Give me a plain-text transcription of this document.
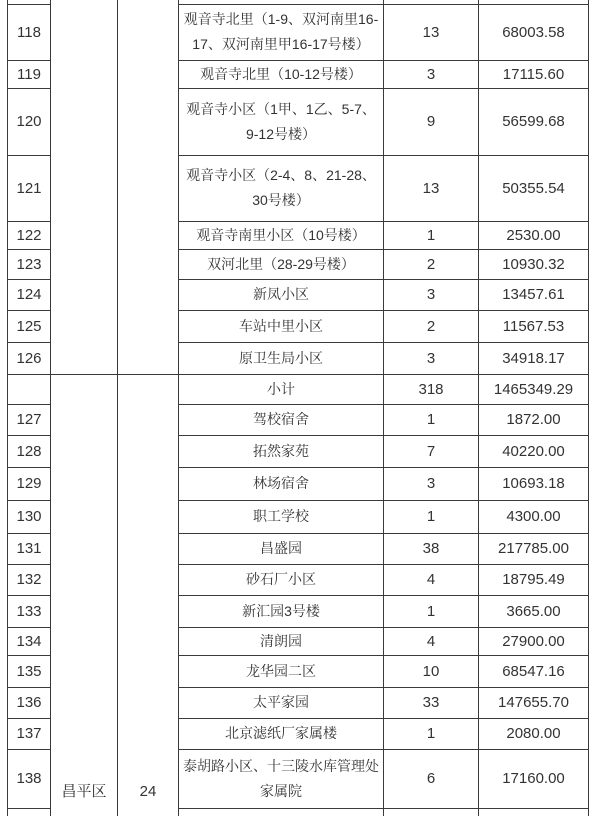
118			观音寺北里（1-9、双河南里16-17、双河南里甲16-17号楼）	13	68003.58
119			观音寺北里（10-12号楼）	3	17115.60
120			观音寺小区（1甲、1乙、5-7、9-12号楼）	9	56599.68
121			观音寺小区（2-4、8、21-28、30号楼）	13	50355.54
122			观音寺南里小区（10号楼）	1	2530.00
123			双河北里（28-29号楼）	2	10930.32
124			新凤小区	3	13457.61
125			车站中里小区	2	11567.53
126			原卫生局小区	3	34918.17
	昌平区	24	小计	318	1465349.29
127			驾校宿舍	1	1872.00
128			拓然家苑	7	40220.00
129			林场宿舍	3	10693.18
130			职工学校	1	4300.00
131			昌盛园	38	217785.00
132			砂石厂小区	4	18795.49
133			新汇园3号楼	1	3665.00
134			清朗园	4	27900.00
135			龙华园二区	10	68547.16
136			太平家园	33	147655.70
137			北京滤纸厂家属楼	1	2080.00
138			泰胡路小区、十三陵水库管理处家属院	6	17160.00
